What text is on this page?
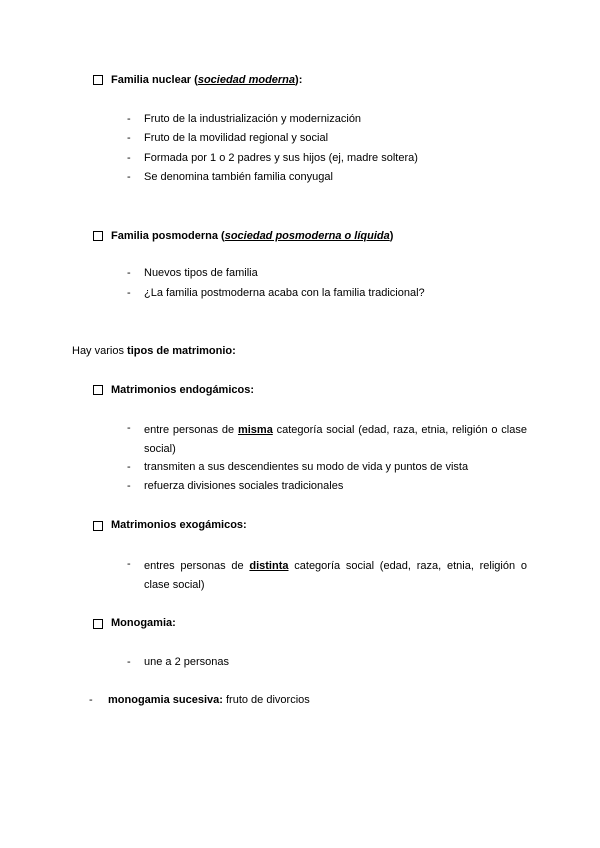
Familia nuclear (sociedad moderna):
- Fruto de la industrialización y modernización
- Fruto de la movilidad regional y social
- Formada por 1 o 2 padres y sus hijos (ej, madre soltera)
- Se denomina también familia conyugal
Familia posmoderna (sociedad posmoderna o líquida)
- Nuevos tipos de familia
- ¿La familia postmoderna acaba con la familia tradicional?
Hay varios tipos de matrimonio:
Matrimonios endogámicos:
- entre personas de misma categoría social (edad, raza, etnia, religión o clase social)
- transmiten a sus descendientes su modo de vida y puntos de vista
- refuerza divisiones sociales tradicionales
Matrimonios exogámicos:
- entres personas de distinta categoría social (edad, raza, etnia, religión o clase social)
Monogamia:
- une a 2 personas
- monogamia sucesiva: fruto de divorcios
